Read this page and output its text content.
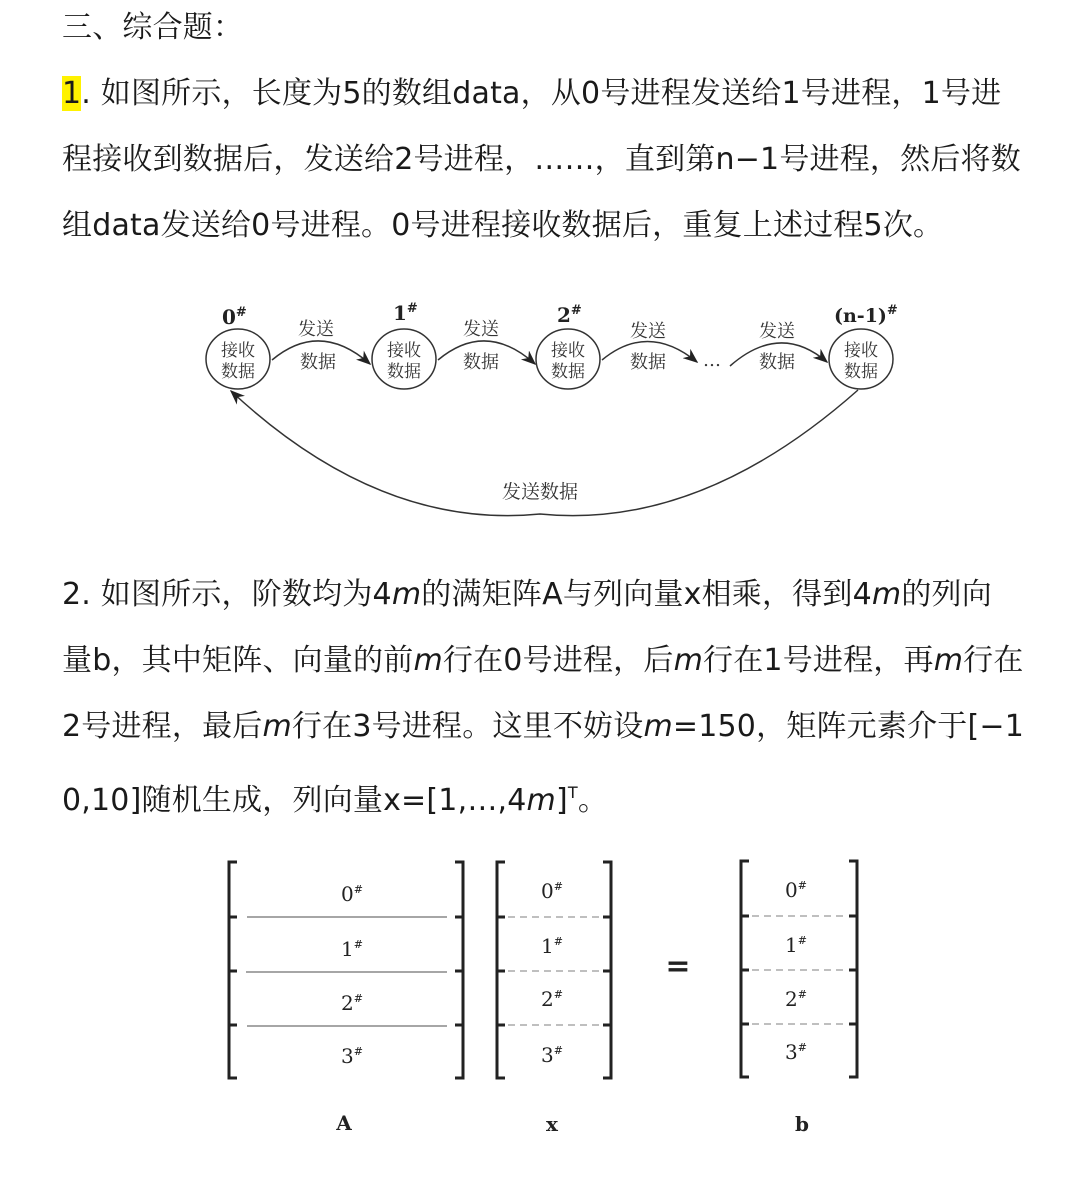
三、综合题：
1. 如图所示，长度为5的数组data，从0号进程发送给1号进程，1号进
程接收到数据后，发送给2号进程，……，直到第n−1号进程，然后将数
组data发送给0号进程。0号进程接收数据后，重复上述过程5次。
0#
接收
数据
1#
接收
数据
2#
接收
数据
(n-1)#
接收
数据
发送
数据
发送
数据
发送
数据 …
发送
数据
发送数据
2. 如图所示，阶数均为4m的满矩阵A与列向量x相乘，得到4m的列向
量b，其中矩阵、向量的前m行在0号进程，后m行在1号进程，再m行在
2号进程，最后m行在3号进程。这里不妨设m=150，矩阵元素介于[−1
0,10]随机生成，列向量x=[1,…,4m]$^T$。
0#
1#
2#
3#
A
0#
1#
2#
3#
x
=
0#
1#
2#
3#
b
